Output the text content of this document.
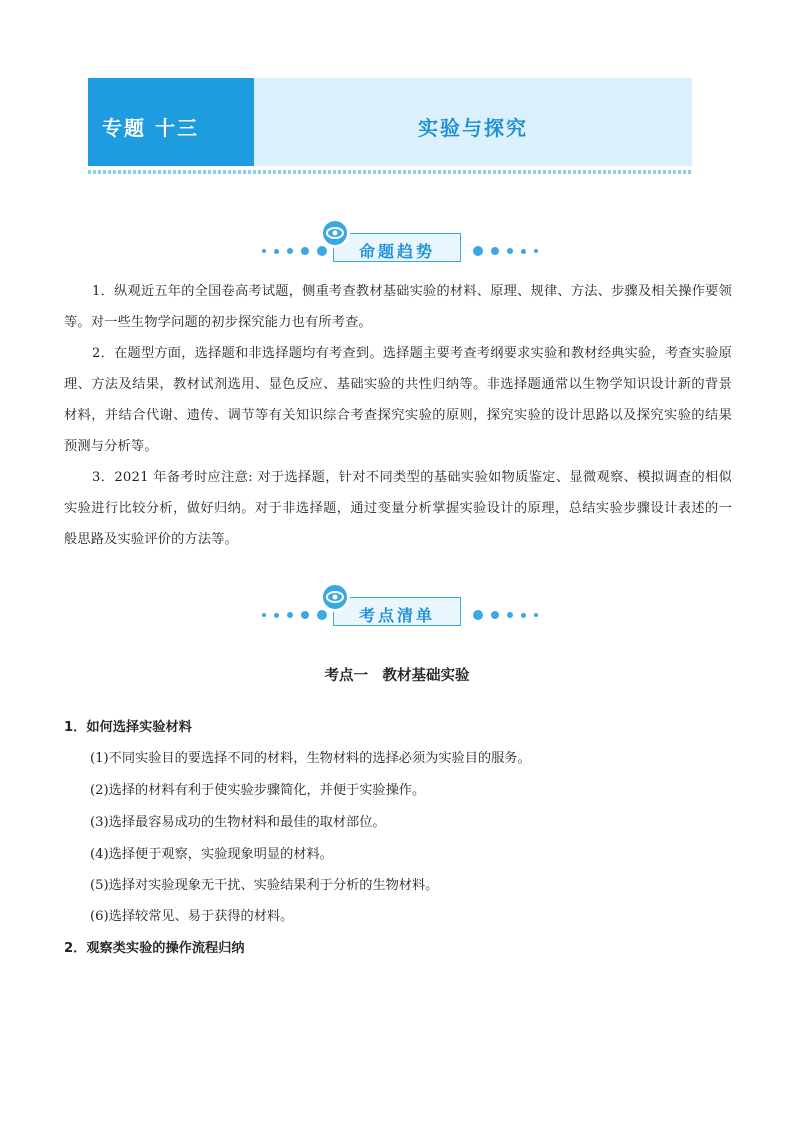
专题 十三	实验与探究
命题趋势
1．纵观近五年的全国卷高考试题，侧重考查教材基础实验的材料、原理、规律、方法、步骤及相关操作要领等。对一些生物学问题的初步探究能力也有所考查。
2．在题型方面，选择题和非选择题均有考查到。选择题主要考查考纲要求实验和教材经典实验，考查实验原理、方法及结果，教材试剂选用、显色反应、基础实验的共性归纳等。非选择题通常以生物学知识设计新的背景材料，并结合代谢、遗传、调节等有关知识综合考查探究实验的原则，探究实验的设计思路以及探究实验的结果预测与分析等。
3．2021 年备考时应注意: 对于选择题，针对不同类型的基础实验如物质鉴定、显微观察、模拟调查的相似实验进行比较分析，做好归纳。对于非选择题，通过变量分析掌握实验设计的原理，总结实验步骤设计表述的一般思路及实验评价的方法等。
考点清单
考点一　教材基础实验
1．如何选择实验材料
(1)不同实验目的要选择不同的材料，生物材料的选择必须为实验目的服务。
(2)选择的材料有利于使实验步骤简化，并便于实验操作。
(3)选择最容易成功的生物材料和最佳的取材部位。
(4)选择便于观察，实验现象明显的材料。
(5)选择对实验现象无干扰、实验结果利于分析的生物材料。
(6)选择较常见、易于获得的材料。
2．观察类实验的操作流程归纳
